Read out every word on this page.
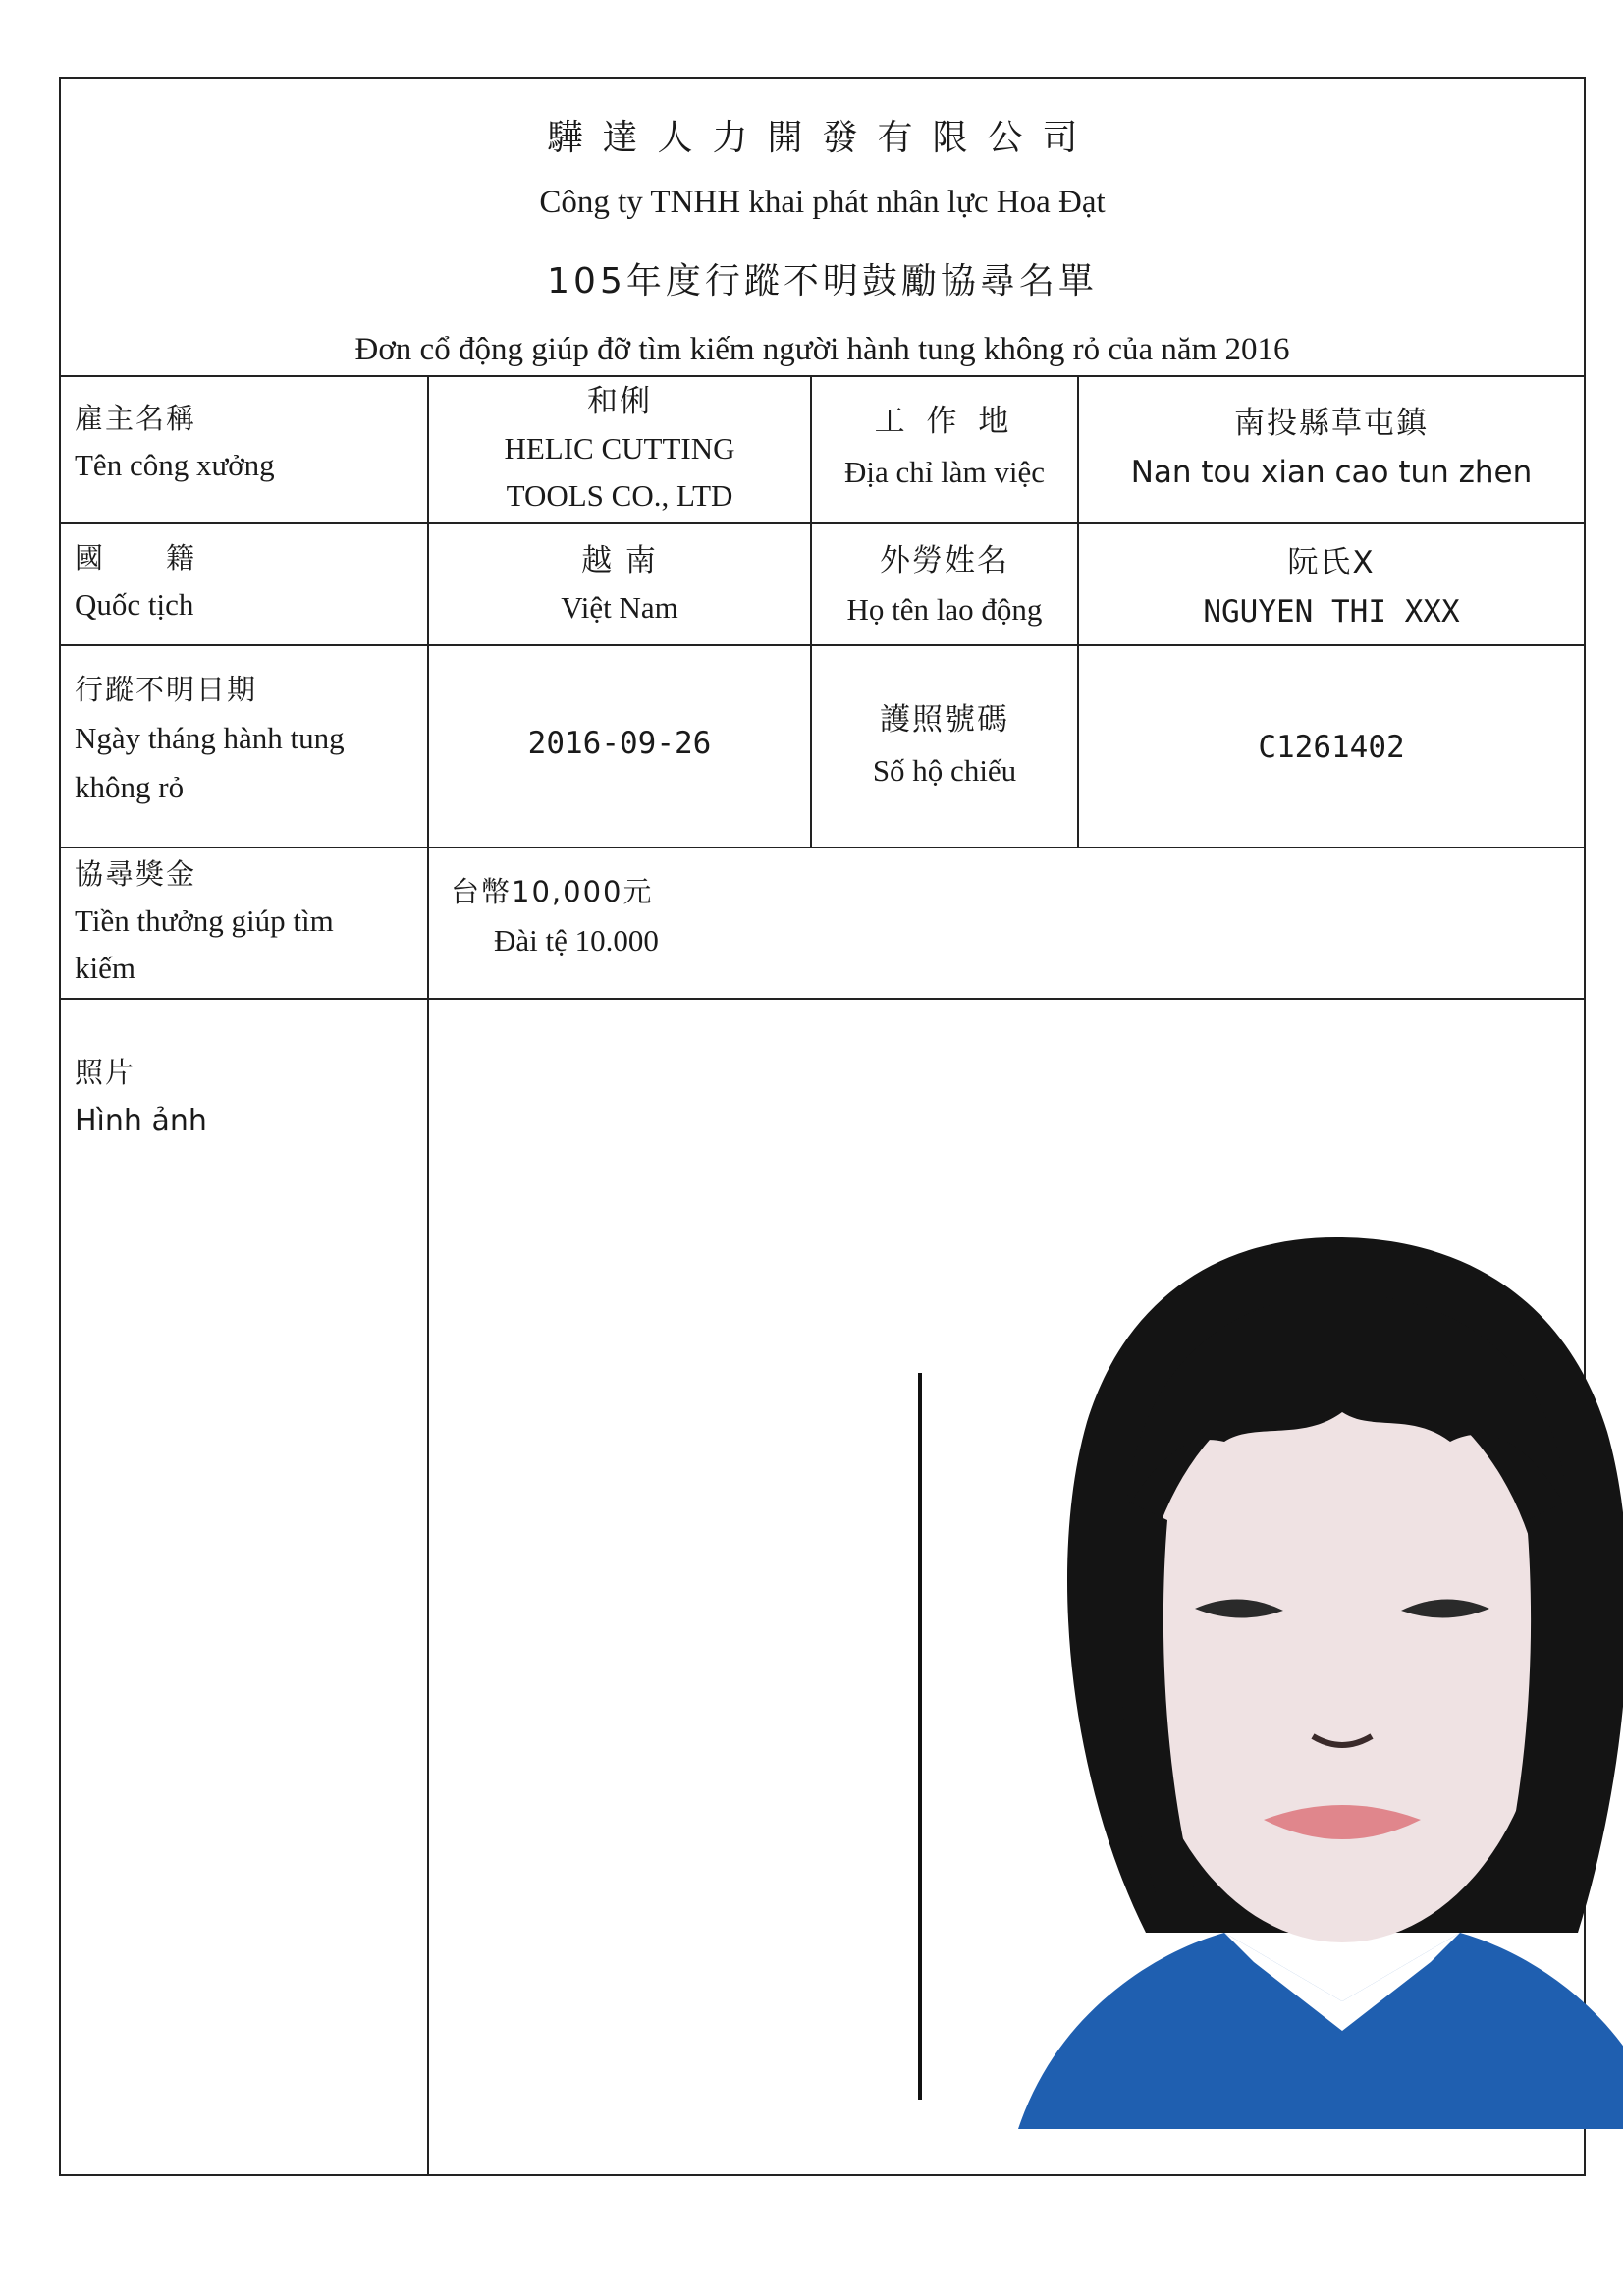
驊達人力開發有限公司
Công ty TNHH khai phát nhân lực Hoa Đạt
105年度行蹤不明鼓勵協尋名單
Đơn cổ động giúp đỡ tìm kiếm người hành tung không rỏ của năm 2016
雇主名稱
Tên công xưởng
和俐
HELIC CUTTING
TOOLS CO., LTD
工 作 地
Địa chỉ làm việc
南投縣草屯鎮
Nan tou xian cao tun zhen
國　　籍
Quốc tịch
越 南
Việt Nam
外勞姓名
Họ tên lao động
阮氏X
NGUYEN THI XXX
行蹤不明日期
Ngày tháng hành tung
không rỏ
2016-09-26
護照號碼
Số hộ chiếu
C1261402
協尋獎金
Tiền thưởng giúp tìm
kiếm
台幣10,000元
Đài tệ 10.000
照片
Hình ảnh
